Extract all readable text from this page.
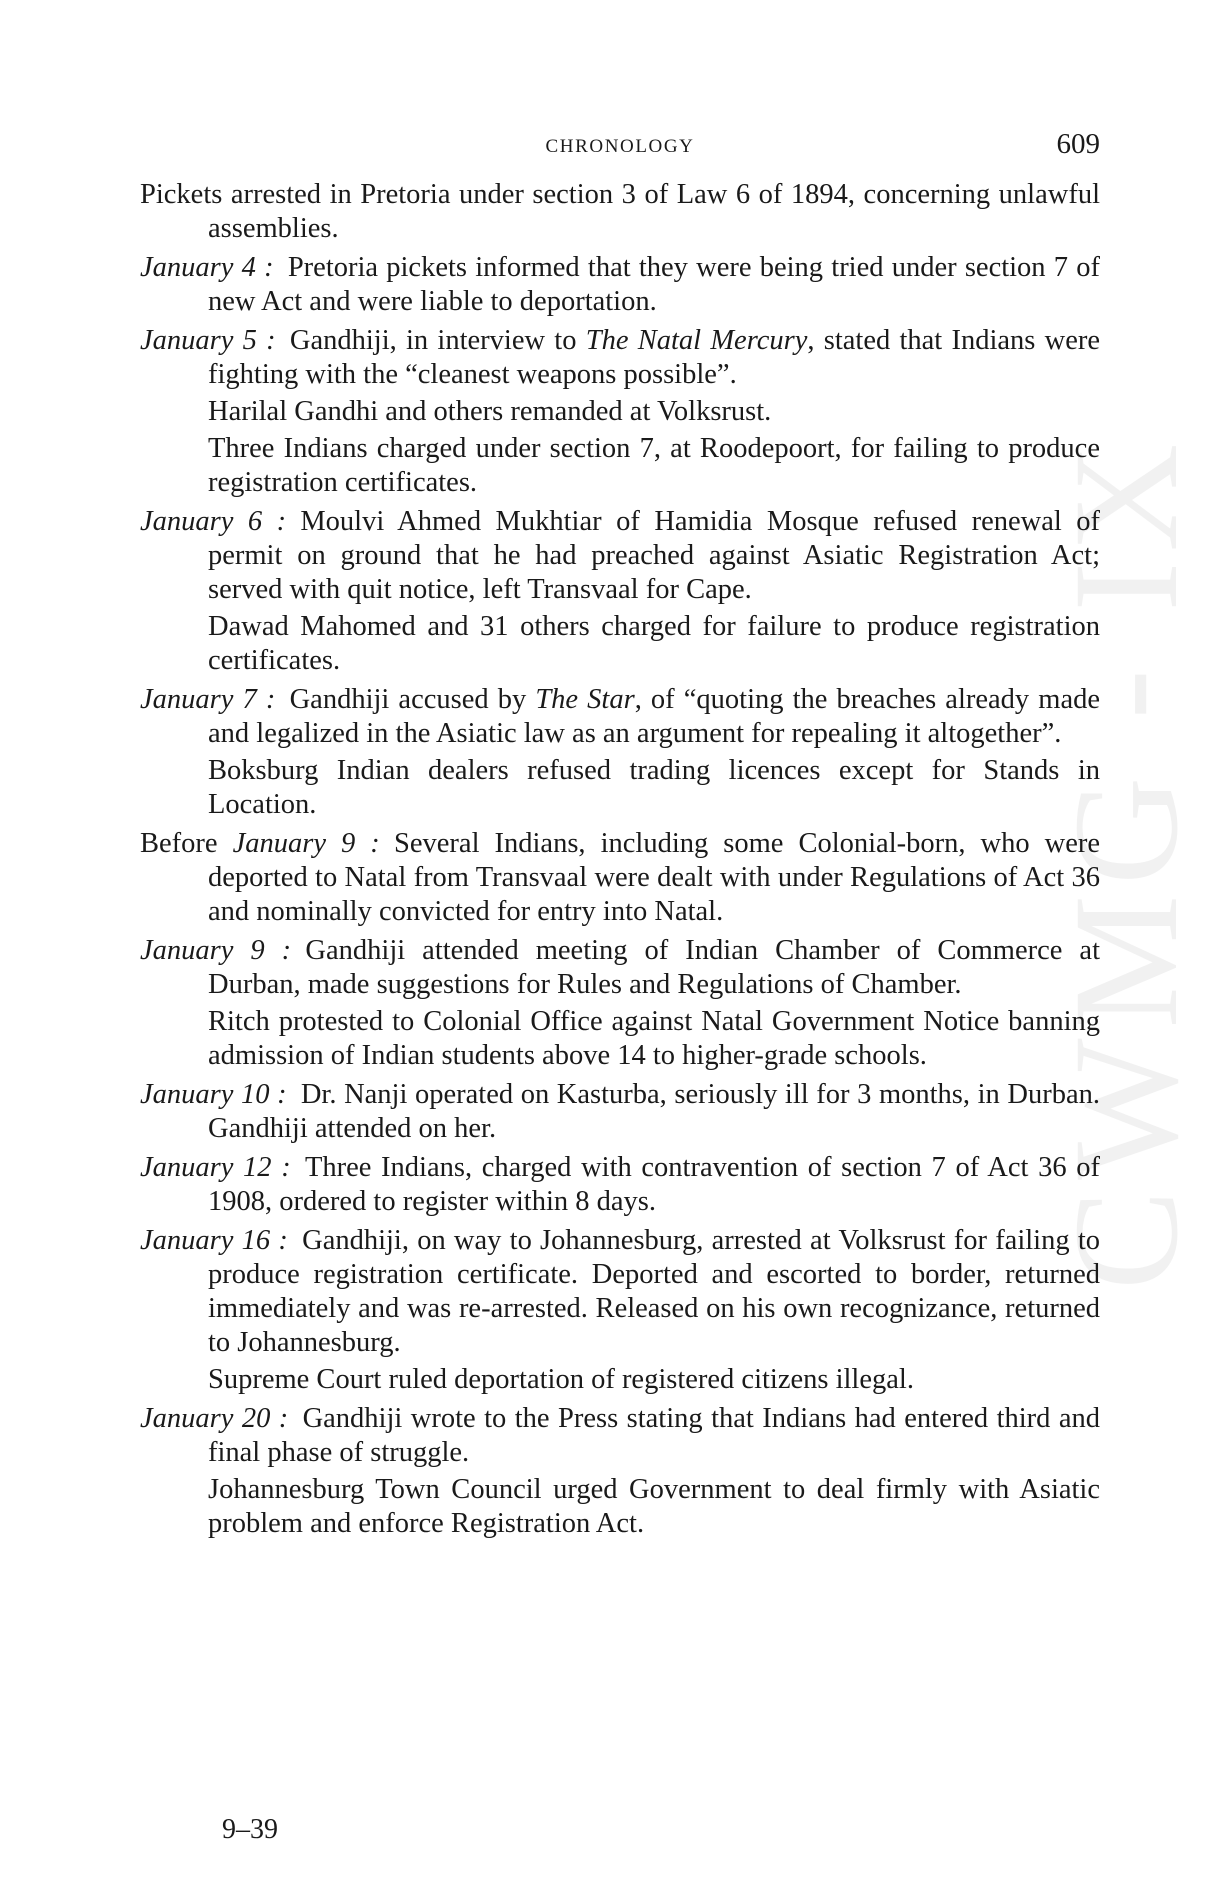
CWMG - IX
CHRONOLOGY	609

Pickets arrested in Pretoria under section 3 of Law 6 of 1894, concerning unlawful assemblies.

January 4 :  Pretoria pickets informed that they were being tried under section 7 of new Act and were liable to deportation.

January 5 :  Gandhiji, in interview to The Natal Mercury, stated that Indians were fighting with the “cleanest weapons possible”.

Harilal Gandhi and others remanded at Volksrust.

Three Indians charged under section 7, at Roodepoort, for failing to produce registration certificates.

January 6 :  Moulvi Ahmed Mukhtiar of Hamidia Mosque refused renewal of permit on ground that he had preached against Asiatic Registration Act; served with quit notice, left Transvaal for Cape.

Dawad Mahomed and 31 others charged for failure to produce registration certificates.

January 7 :  Gandhiji accused by The Star, of “quoting the breaches already made and legalized in the Asiatic law as an argument for repealing it altogether”.

Boksburg Indian dealers refused trading licences except for Stands in Location.

Before January 9 :  Several Indians, including some Colonial-born, who were deported to Natal from Transvaal were dealt with under Regulations of Act 36 and nominally convicted for entry into Natal.

January 9 :  Gandhiji attended meeting of Indian Chamber of Commerce at Durban, made suggestions for Rules and Regulations of Chamber.

Ritch protested to Colonial Office against Natal Government Notice banning admission of Indian students above 14 to higher-grade schools.

January 10 :  Dr. Nanji operated on Kasturba, seriously ill for 3 months, in Durban. Gandhiji attended on her.

January 12 :  Three Indians, charged with contravention of section 7 of Act 36 of 1908, ordered to register within 8 days.

January 16 :  Gandhiji, on way to Johannesburg, arrested at Volksrust for failing to produce registration certificate. Deported and escorted to border, returned immediately and was re-arrested. Released on his own recognizance, returned to Johannesburg.

Supreme Court ruled deportation of registered citizens illegal.

January 20 :  Gandhiji wrote to the Press stating that Indians had entered third and final phase of struggle.

Johannesburg Town Council urged Government to deal firmly with Asiatic problem and enforce Registration Act.

9–39
